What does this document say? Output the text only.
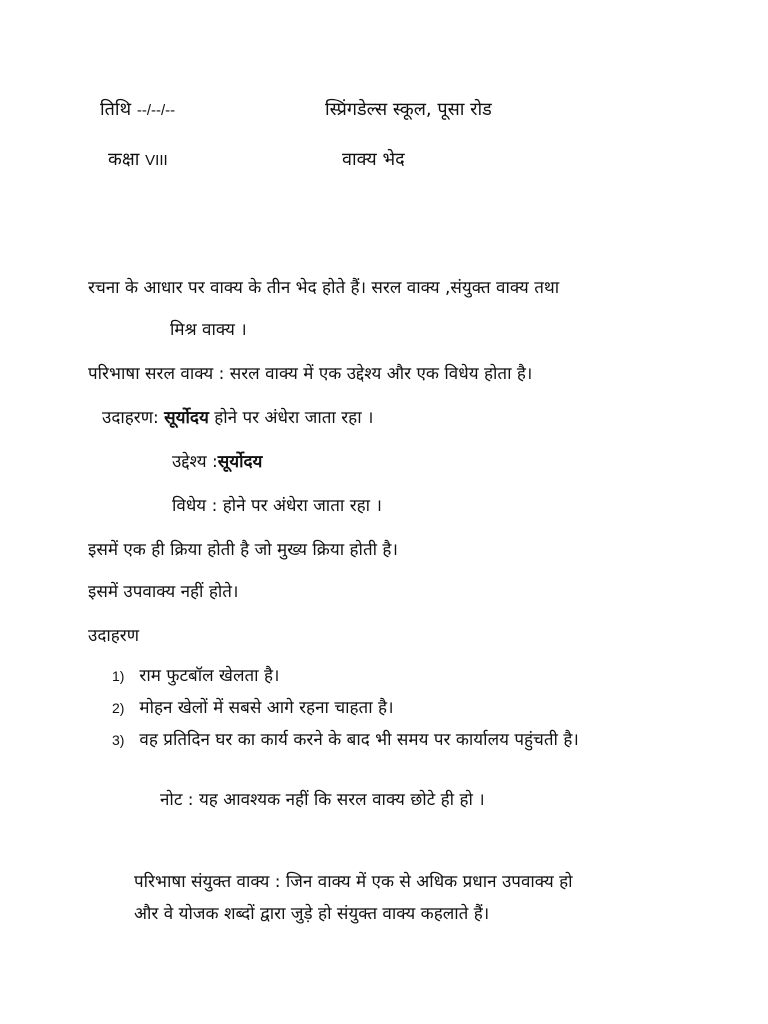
तिथि --/--/--	स्प्रिंगडेल्स स्कूल, पूसा रोड
कक्षा VIII	वाक्य भेद
रचना के आधार पर वाक्य के तीन भेद होते हैं। सरल वाक्य ,संयुक्त वाक्य तथा
मिश्र वाक्य ।
परिभाषा सरल वाक्य : सरल वाक्य में एक उद्देश्य और एक विधेय होता है।
उदाहरण: सूर्योदय होने पर अंधेरा जाता रहा ।
उद्देश्य :सूर्योदय
विधेय : होने पर अंधेरा जाता रहा ।
इसमें एक ही क्रिया होती है जो मुख्य क्रिया होती है।
इसमें उपवाक्य नहीं होते।
उदाहरण
1) राम फुटबॉल खेलता है।
2) मोहन खेलों में सबसे आगे रहना चाहता है।
3) वह प्रतिदिन घर का कार्य करने के बाद भी समय पर कार्यालय पहुंचती है।
नोट : यह आवश्यक नहीं कि सरल वाक्य छोटे ही हो ।
परिभाषा संयुक्त वाक्य : जिन वाक्य में एक से अधिक प्रधान उपवाक्य हो
और वे योजक शब्दों द्वारा जुड़े हो संयुक्त वाक्य कहलाते हैं।
